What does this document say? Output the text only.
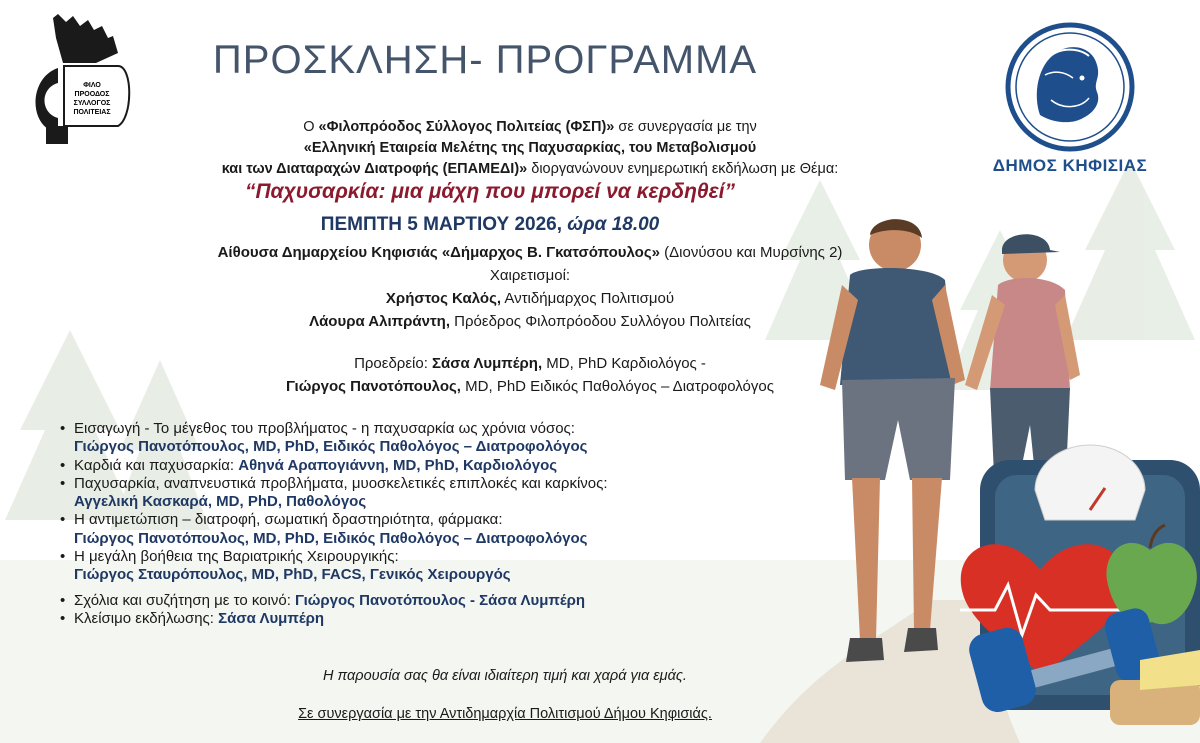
ΦΙΛΟ
ΠΡΟΟΔΟΣ
ΣΥΛΛΟΓΟΣ
ΠΟΛΙΤΕΙΑΣ
ΔΗΜΟΣ ΚΗΦΙΣΙΑΣ
ΠΡΟΣΚΛΗΣΗ- ΠΡΟΓΡΑΜΜΑ
Ο «Φιλοπρόοδος Σύλλογος Πολιτείας (ΦΣΠ)» σε συνεργασία με την
«Ελληνική Εταιρεία Μελέτης της Παχυσαρκίας, του Μεταβολισμού
και των Διαταραχών Διατροφής (ΕΠΑΜΕΔΙ)» διοργανώνουν ενημερωτική εκδήλωση με Θέμα:
“Παχυσαρκία: μια μάχη που μπορεί να κερδηθεί”
ΠΕΜΠΤΗ 5 ΜΑΡΤΙΟΥ 2026, ώρα 18.00
Αίθουσα Δημαρχείου Κηφισιάς «Δήμαρχος Β. Γκατσόπουλος» (Διονύσου και Μυρσίνης 2)
Χαιρετισμοί:
Χρήστος Καλός, Αντιδήμαρχος Πολιτισμού
Λάουρα Αλιπράντη, Πρόεδρος Φιλοπρόοδου Συλλόγου Πολιτείας
Προεδρείο: Σάσα Λυμπέρη, MD, PhD Καρδιολόγος -
Γιώργος Πανοτόπουλος, MD, PhD Ειδικός Παθολόγος – Διατροφολόγος
• Εισαγωγή - Το μέγεθος του προβλήματος - η παχυσαρκία ως χρόνια νόσος:
Γιώργος Πανοτόπουλος, MD, PhD, Ειδικός Παθολόγος – Διατροφολόγος
• Καρδιά και παχυσαρκία: Αθηνά Αραπογιάννη, MD, PhD, Καρδιολόγος
• Παχυσαρκία, αναπνευστικά προβλήματα, μυοσκελετικές επιπλοκές και καρκίνος:
Αγγελική Κασκαρά, MD, PhD, Παθολόγος
• Η αντιμετώπιση – διατροφή, σωματική δραστηριότητα, φάρμακα:
Γιώργος Πανοτόπουλος, MD, PhD, Ειδικός Παθολόγος – Διατροφολόγος
• Η μεγάλη βοήθεια της Βαριατρικής Χειρουργικής:
Γιώργος Σταυρόπουλος, MD, PhD, FACS, Γενικός Χειρουργός
• Σχόλια και συζήτηση με το κοινό: Γιώργος Πανοτόπουλος - Σάσα Λυμπέρη
• Κλείσιμο εκδήλωσης: Σάσα Λυμπέρη
Η παρουσία σας θα είναι ιδιαίτερη τιμή και χαρά για εμάς.
Σε συνεργασία με την Αντιδημαρχία Πολιτισμού Δήμου Κηφισιάς.
